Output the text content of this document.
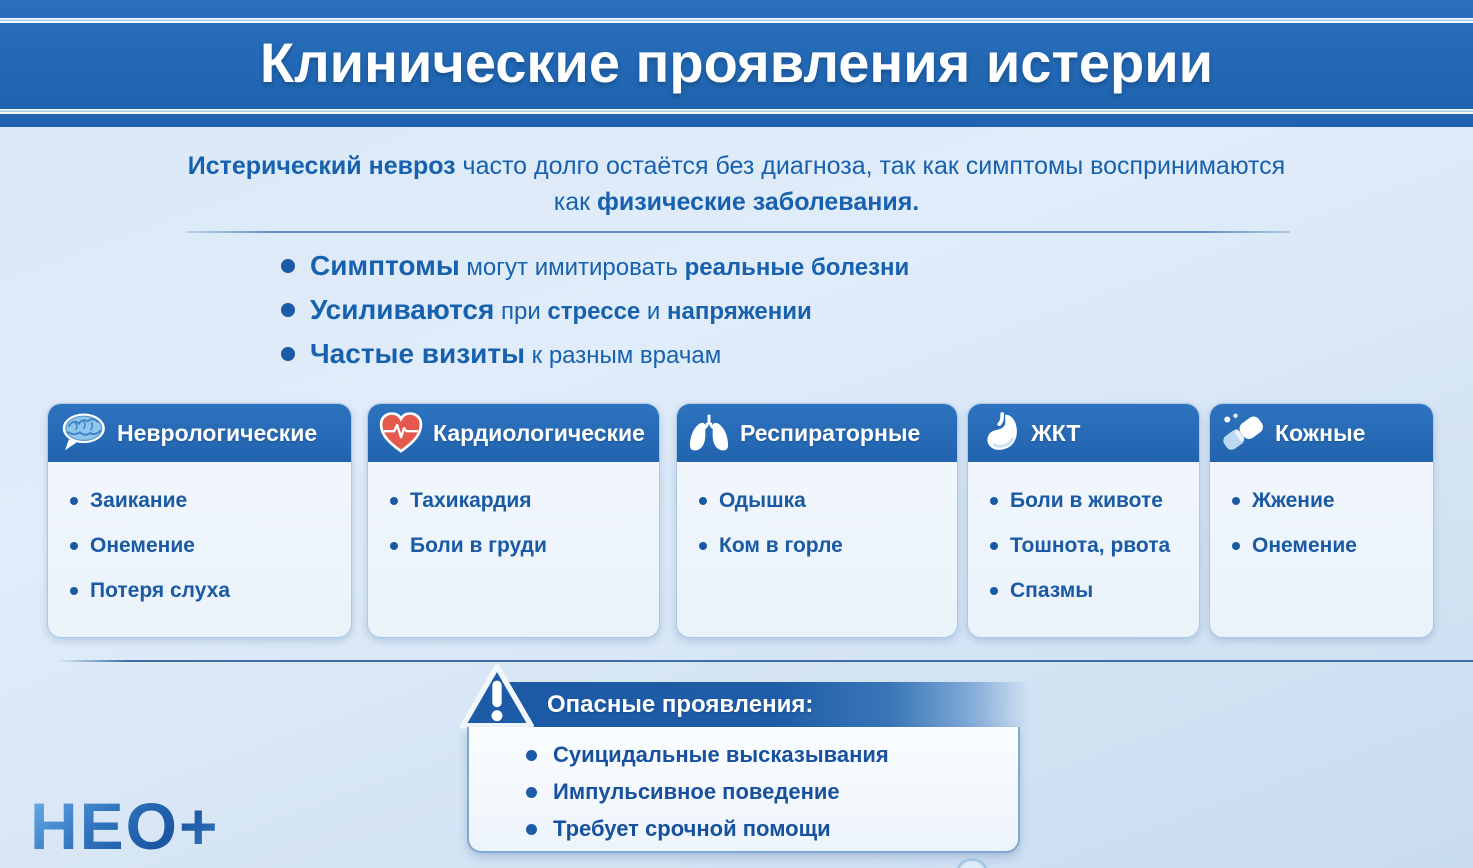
Клинические проявления истерии
Истерический невроз часто долго остаётся без диагноза, так как симптомы воспринимаются
как физические заболевания.
Симптомы могут имитировать реальные болезни
Усиливаются при стрессе и напряжении
Частые визиты к разным врачам
Неврологические
Заикание
Онемение
Потеря слуха
Кардиологические
Тахикардия
Боли в груди
Респираторные
Одышка
Ком в горле
ЖКТ
Боли в животе
Тошнота, рвота
Спазмы
Кожные
Жжение
Онемение
Опасные проявления:
Суицидальные высказывания
Импульсивное поведение
Требует срочной помощи
НЕО+
